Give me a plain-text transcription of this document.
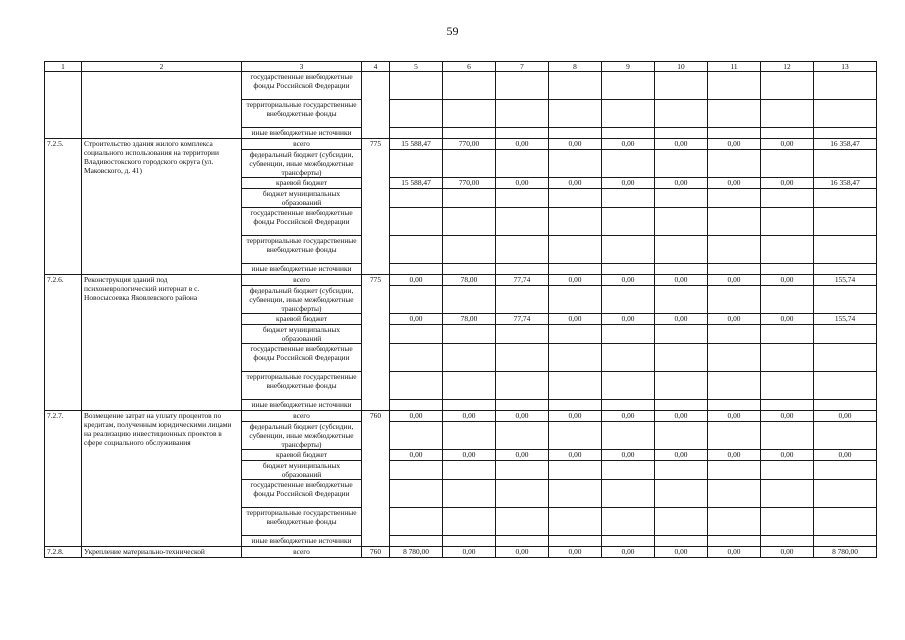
59
1	2	3	4	5	6	7	8	9	10	11	12	13
		государственные внебюджетные фонды Российской Федерации										
		территориальные государственные внебюджетные фонды										
		иные внебюджетные источники										
7.2.5.	Строительство здания жилого комплекса социального использования на территории Владивостокского городского округа (ул. Маковского, д. 41)	всего	775	15 588,47	770,00	0,00	0,00	0,00	0,00	0,00	0,00	16 358,47
		федеральный бюджет (субсидии, субвенции, иные межбюджетные трансферты)										
		краевой бюджет		15 588,47	770,00	0,00	0,00	0,00	0,00	0,00	0,00	16 358,47
		бюджет муниципальных образований										
		государственные внебюджетные фонды Российской Федерации										
		территориальные государственные внебюджетные фонды										
		иные внебюджетные источники										
7.2.6.	Реконструкция зданий под психоневрологический интернат в с. Новосысоевка Яковлевского района	всего	775	0,00	78,00	77,74	0,00	0,00	0,00	0,00	0,00	155,74
		федеральный бюджет (субсидии, субвенции, иные межбюджетные трансферты)										
		краевой бюджет		0,00	78,00	77,74	0,00	0,00	0,00	0,00	0,00	155,74
		бюджет муниципальных образований										
		государственные внебюджетные фонды Российской Федерации										
		территориальные государственные внебюджетные фонды										
		иные внебюджетные источники										
7.2.7.	Возмещение затрат на уплату процентов по кредитам, полученным юридическими лицами на реализацию инвестиционных проектов в сфере социального обслуживания	всего	760	0,00	0,00	0,00	0,00	0,00	0,00	0,00	0,00	0,00
		федеральный бюджет (субсидии, субвенции, иные межбюджетные трансферты)										
		краевой бюджет		0,00	0,00	0,00	0,00	0,00	0,00	0,00	0,00	0,00
		бюджет муниципальных образований										
		государственные внебюджетные фонды Российской Федерации										
		территориальные государственные внебюджетные фонды										
		иные внебюджетные источники										
7.2.8.	Укрепление материально-технической	всего	760	8 780,00	0,00	0,00	0,00	0,00	0,00	0,00	0,00	8 780,00
